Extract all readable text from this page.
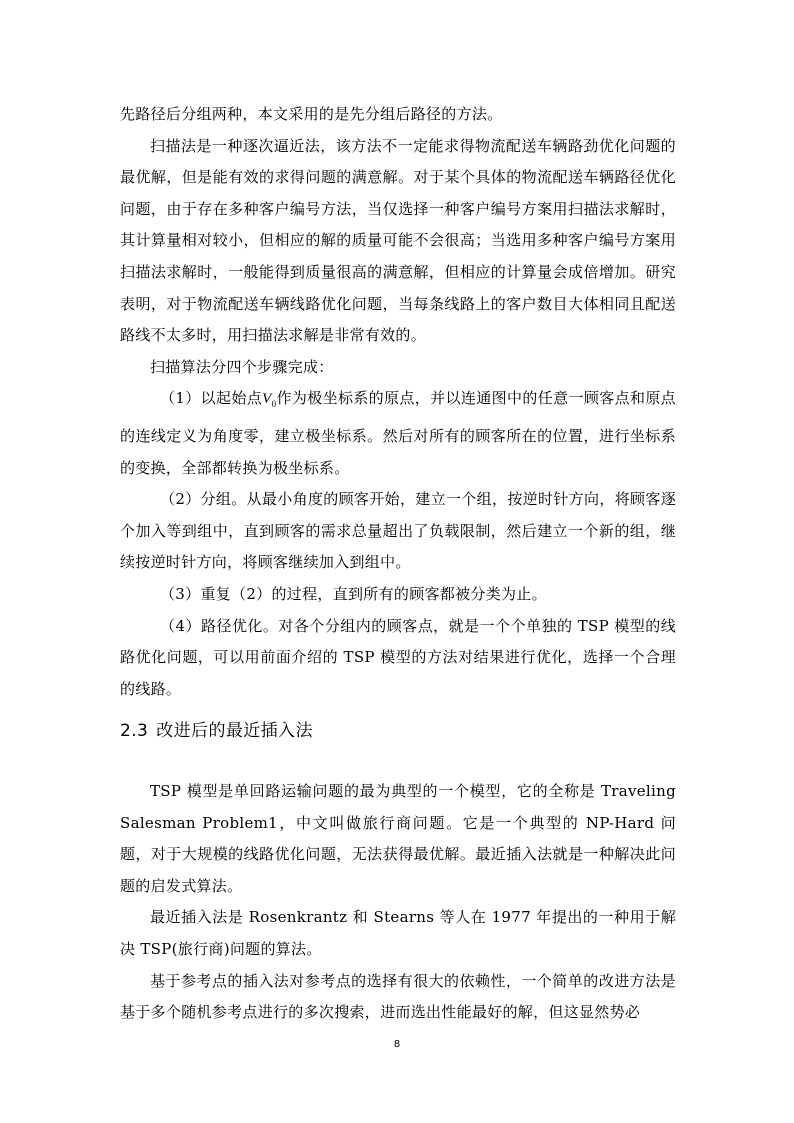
先路径后分组两种，本文采用的是先分组后路径的方法。

扫描法是一种逐次逼近法，该方法不一定能求得物流配送车辆路劲优化问题的最优解，但是能有效的求得问题的满意解。对于某个具体的物流配送车辆路径优化问题，由于存在多种客户编号方法，当仅选择一种客户编号方案用扫描法求解时，其计算量相对较小，但相应的解的质量可能不会很高；当选用多种客户编号方案用扫描法求解时，一般能得到质量很高的满意解，但相应的计算量会成倍增加。研究表明，对于物流配送车辆线路优化问题，当每条线路上的客户数目大体相同且配送路线不太多时，用扫描法求解是非常有效的。

扫描算法分四个步骤完成：

（1）以起始点$V_0$作为极坐标系的原点，并以连通图中的任意一顾客点和原点的连线定义为角度零，建立极坐标系。然后对所有的顾客所在的位置，进行坐标系的变换，全部都转换为极坐标系。

（2）分组。从最小角度的顾客开始，建立一个组，按逆时针方向，将顾客逐个加入等到组中，直到顾客的需求总量超出了负载限制，然后建立一个新的组，继续按逆时针方向，将顾客继续加入到组中。

（3）重复（2）的过程，直到所有的顾客都被分类为止。

（4）路径优化。对各个分组内的顾客点，就是一个个单独的 TSP 模型的线路优化问题，可以用前面介绍的 TSP 模型的方法对结果进行优化，选择一个合理的线路。

2.3 改进后的最近插入法

TSP 模型是单回路运输问题的最为典型的一个模型，它的全称是 Traveling Salesman Problem1，中文叫做旅行商问题。它是一个典型的 NP-Hard 问题，对于大规模的线路优化问题，无法获得最优解。最近插入法就是一种解决此问题的启发式算法。

最近插入法是 Rosenkrantz 和 Stearns 等人在 1977 年提出的一种用于解决 TSP(旅行商)问题的算法。

基于参考点的插入法对参考点的选择有很大的依赖性，一个简单的改进方法是基于多个随机参考点进行的多次搜索，进而选出性能最好的解，但这显然势必

8
